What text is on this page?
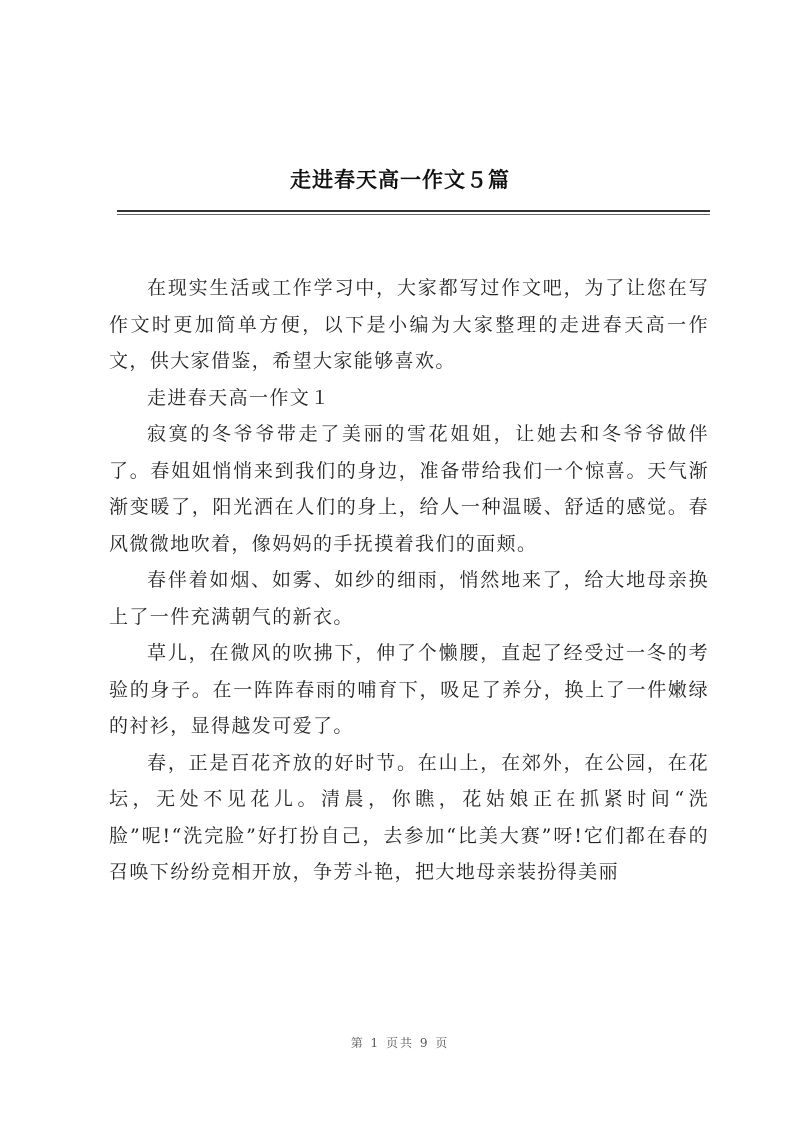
走进春天高一作文５篇

在现实生活或工作学习中，大家都写过作文吧，为了让您在写作文时更加简单方便，以下是小编为大家整理的走进春天高一作文，供大家借鉴，希望大家能够喜欢。

走进春天高一作文１

寂寞的冬爷爷带走了美丽的雪花姐姐，让她去和冬爷爷做伴了。春姐姐悄悄来到我们的身边，准备带给我们一个惊喜。天气渐渐变暖了，阳光洒在人们的身上，给人一种温暖、舒适的感觉。春风微微地吹着，像妈妈的手抚摸着我们的面颊。

春伴着如烟、如雾、如纱的细雨，悄然地来了，给大地母亲换上了一件充满朝气的新衣。

草儿，在微风的吹拂下，伸了个懒腰，直起了经受过一冬的考验的身子。在一阵阵春雨的哺育下，吸足了养分，换上了一件嫩绿的衬衫，显得越发可爱了。

春，正是百花齐放的好时节。在山上，在郊外，在公园，在花坛，无处不见花儿。清晨，你瞧，花姑娘正在抓紧时间“洗脸”呢!“洗完脸”好打扮自己，去参加“比美大赛”呀!它们都在春的召唤下纷纷竞相开放，争芳斗艳，把大地母亲装扮得美丽

第 1 页共 9 页
